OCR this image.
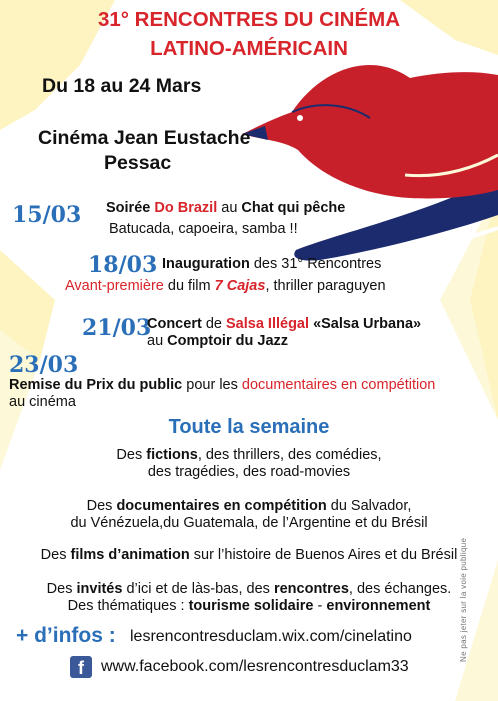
31° RENCONTRES DU CINÉMA
LATINO-AMÉRICAIN
Du 18 au 24 Mars
Cinéma Jean Eustache
Pessac
15/03 Soirée Do Brazil au Chat qui pêche
Batucada, capoeira, samba !!
18/03 Inauguration des 31° Rencontres
Avant-première du film 7 Cajas, thriller paraguyen
21/03
Concert de Salsa Illégal «Salsa Urbana»
au Comptoir du Jazz
23/03
Remise du Prix du public pour les documentaires en compétition
au cinéma
Toute la semaine
Des fictions, des thrillers, des comédies,
des tragédies, des road-movies
Des documentaires en compétition du Salvador,
du Vénézuela,du Guatemala, de l’Argentine et du Brésil
Des films d’animation sur l’histoire de Buenos Aires et du Brésil
Des invités d’ici et de làs-bas, des rencontres, des échanges.
Des thématiques : tourisme solidaire - environnement
+ d’infos : lesrencontresduclam.wix.com/cinelatino
f	www.facebook.com/lesrencontresduclam33
Ne pas jeter sur la voie publique
